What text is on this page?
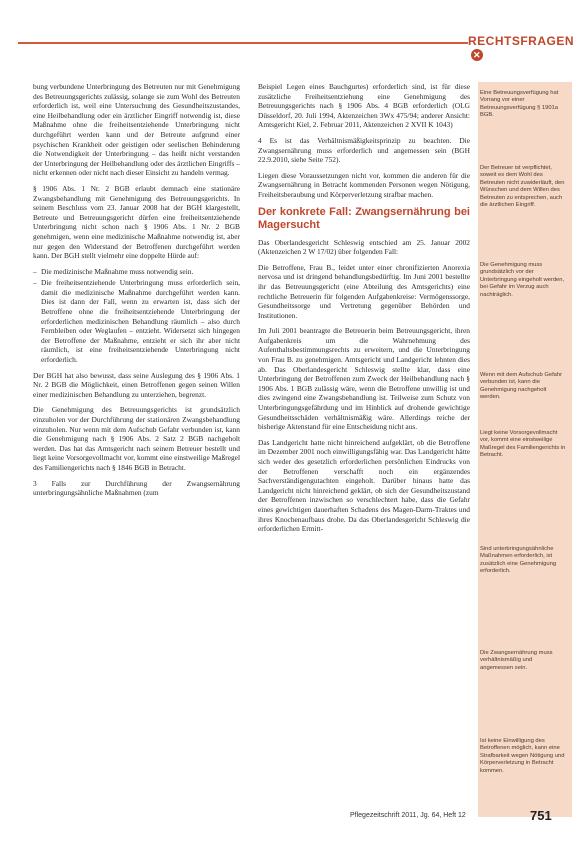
RECHTSFRAGEN✕

bung verbundene Unterbringung des Betreuten nur mit Genehmigung des Betreuungsgerichts zulässig, solange sie zum Wohl des Betreuten erforderlich ist, weil eine Untersuchung des Gesundheitszustandes, eine Heilbehandlung oder ein ärztlicher Eingriff notwendig ist, diese Maßnahme ohne die freiheitsentziehende Unterbringung nicht durchgeführt werden kann und der Betreute aufgrund einer psychischen Krankheit oder geistigen oder seelischen Behinderung die Notwendigkeit der Unterbringung – das heißt nicht verstanden der Unterbringung der Heilbehandlung oder des ärztlichen Eingriffs – nicht erkennen oder nicht nach dieser Einsicht zu handeln vermag.

§ 1906 Abs. 1 Nr. 2 BGB erlaubt demnach eine stationäre Zwangsbehandlung mit Genehmigung des Betreuungsgerichts. In seinem Beschluss vom 23. Januar 2008 hat der BGH klargestellt, Betreute und Betreuungsgericht dürfen eine freiheitsentziehende Unterbringung nicht schon nach § 1906 Abs. 1 Nr. 2 BGB genehmigen, wenn eine medizinische Maßnahme notwendig ist, aber nur gegen den Widerstand der Betroffenen durchgeführt werden kann. Der BGH stellt vielmehr eine doppelte Hürde auf:

– Die medizinische Maßnahme muss notwendig sein.
– Die freiheitsentziehende Unterbringung muss erforderlich sein, damit die medizinische Maßnahme durchgeführt werden kann. Dies ist dann der Fall, wenn zu erwarten ist, dass sich der Betroffene ohne die freiheitsentziehende Unterbringung der erforderlichen medizinischen Behandlung räumlich – also durch Fernbleiben oder Weglaufen – entzieht. Widersetzt sich hingegen der Betroffene der Maßnahme, entzieht er sich ihr aber nicht räumlich, ist eine freiheitsentziehende Unterbringung nicht erforderlich.

Der BGH hat also bewusst, dass seine Auslegung des § 1906 Abs. 1 Nr. 2 BGB die Möglichkeit, einen Betroffenen gegen seinen Willen einer medizinischen Behandlung zu unterziehen, begrenzt.

Die Genehmigung des Betreuungsgerichts ist grundsätzlich einzuholen vor der Durchführung der stationären Zwangsbehandlung einzuholen. Nur wenn mit dem Aufschub Gefahr verbunden ist, kann die Genehmigung nach § 1906 Abs. 2 Satz 2 BGB nachgeholt werden. Das hat das Amtsgericht nach seinem Betreuer bestellt und liegt keine Vorsorgevollmacht vor, kommt eine einstweilige Maßregel des Familiengerichts nach § 1846 BGB in Betracht.

3 Falls zur Durchführung der Zwangsernährung unterbringungsähnliche Maßnahmen (zum

Beispiel Legen eines Bauchgurtes) erforderlich sind, ist für diese zusätzliche Freiheitsentziehung eine Genehmigung des Betreuungsgerichts nach § 1906 Abs. 4 BGB erforderlich (OLG Düsseldorf, 20. Juli 1994, Aktenzeichen 3Wx 475/94; anderer Ansicht: Amtsgericht Kiel, 2. Februar 2011, Aktenzeichen 2 XVII K 1043)

4 Es ist das Verhältnismäßigkeitsprinzip zu beachten. Die Zwangsernährung muss erforderlich und angemessen sein (BGH 22.9.2010, siehe Seite 752).

Liegen diese Voraussetzungen nicht vor, kommen die anderen für die Zwangsernährung in Betracht kommenden Personen wegen Nötigung, Freiheitsberaubung und Körperverletzung strafbar machen.

Der konkrete Fall: Zwangsernährung bei Magersucht

Das Oberlandesgericht Schleswig entschied am 25. Januar 2002 (Aktenzeichen 2 W 17/02) über folgenden Fall:

Die Betroffene, Frau B., leidet unter einer chronifizierten Anorexia nervosa und ist dringend behandlungsbedürftig. Im Juni 2001 bestellte ihr das Betreuungsgericht (eine Abteilung des Amtsgerichts) eine rechtliche Betreuerin für folgenden Aufgabenkreise: Vermögenssorge, Gesundheitssorge und Vertretung gegenüber Behörden und Institutionen.

Im Juli 2001 beantragte die Betreuerin beim Betreuungsgericht, ihren Aufgabenkreis um die Wahrnehmung des Aufenthaltsbestimmungsrechts zu erweitern, und die Unterbringung von Frau B. zu genehmigen. Amtsgericht und Landgericht lehnten dies ab. Das Oberlandesgericht Schleswig stellte klar, dass eine Unterbringung der Betroffenen zum Zweck der Heilbehandlung nach § 1906 Abs. 1 BGB zulässig wäre, wenn die Betroffene unwillig ist und dies zwingend eine Zwangsbehandlung ist. Teilweise zum Schutz von Unterbringungsgefährdung und im Hinblick auf drohende gewichtige Gesundheitsschäden verhältnismäßig wäre. Allerdings reiche der bisherige Aktenstand für eine Entscheidung nicht aus.

Das Landgericht hatte nicht hinreichend aufgeklärt, ob die Betroffene im Dezember 2001 noch einwilligungsfähig war. Das Landgericht hätte sich weder des gesetzlich erforderlichen persönlichen Eindrucks von der Betroffenen verschafft noch ein ergänzendes Sachverständigengutachten eingeholt. Darüber hinaus hatte das Landgericht nicht hinreichend geklärt, ob sich der Gesundheitszustand der Betroffenen inzwischen so verschlechtert habe, dass die Gefahr eines gewichtigen dauerhaften Schadens des Magen-Darm-Traktes und ihres Knochenaufbaus drohe. Da das Oberlandesgericht Schleswig die erforderlichen Ermitt-

Eine Betreuungsverfügung hat Vorrang vor einer Betreuungsverfügung § 1901a BGB.
Der Betreuer ist verpflichtet, soweit es dem Wohl des Betreuten nicht zuwiderläuft, den Wünschen und dem Willen des Betreuten zu entsprechen, auch die ärztlichen Eingriff.
Die Genehmigung muss grundsätzlich vor der Unterbringung eingeholt werden, bei Gefahr im Verzug auch nachträglich.
Wenn mit dem Aufschub Gefahr verbunden ist, kann die Genehmigung nachgeholt werden.
Liegt keine Vorsorgevollmacht vor, kommt eine einstweilige Maßregel des Familiengerichts in Betracht.
Sind unterbringungsähnliche Maßnahmen erforderlich, ist zusätzlich eine Genehmigung erforderlich.
Die Zwangsernährung muss verhältnismäßig und angemessen sein.
Ist keine Einwilligung des Betroffenen möglich, kann eine Strafbarkeit wegen Nötigung und Körperverletzung in Betracht kommen.
Pflegezeitschrift 2011, Jg. 64, Heft 12	751
